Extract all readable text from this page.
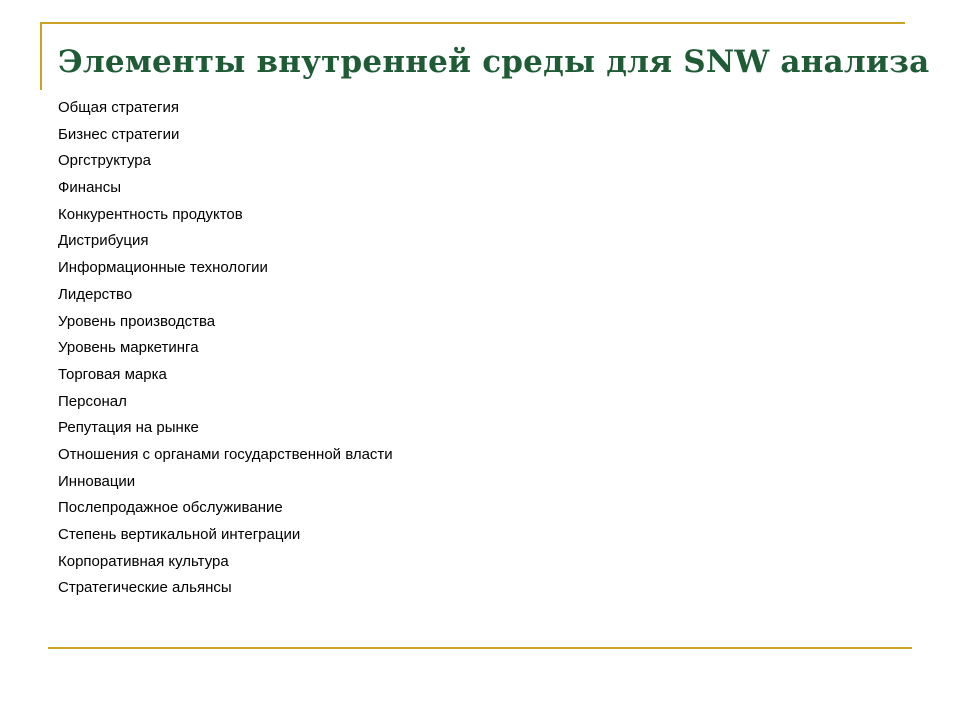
Элементы внутренней среды для SNW анализа
Общая стратегия
Бизнес стратегии
Оргструктура
Финансы
Конкурентность продуктов
Дистрибуция
Информационные технологии
Лидерство
Уровень производства
Уровень маркетинга
Торговая марка
Персонал
Репутация на рынке
Отношения с органами государственной власти
Инновации
Послепродажное обслуживание
Степень вертикальной интеграции
Корпоративная культура
Стратегические альянсы
